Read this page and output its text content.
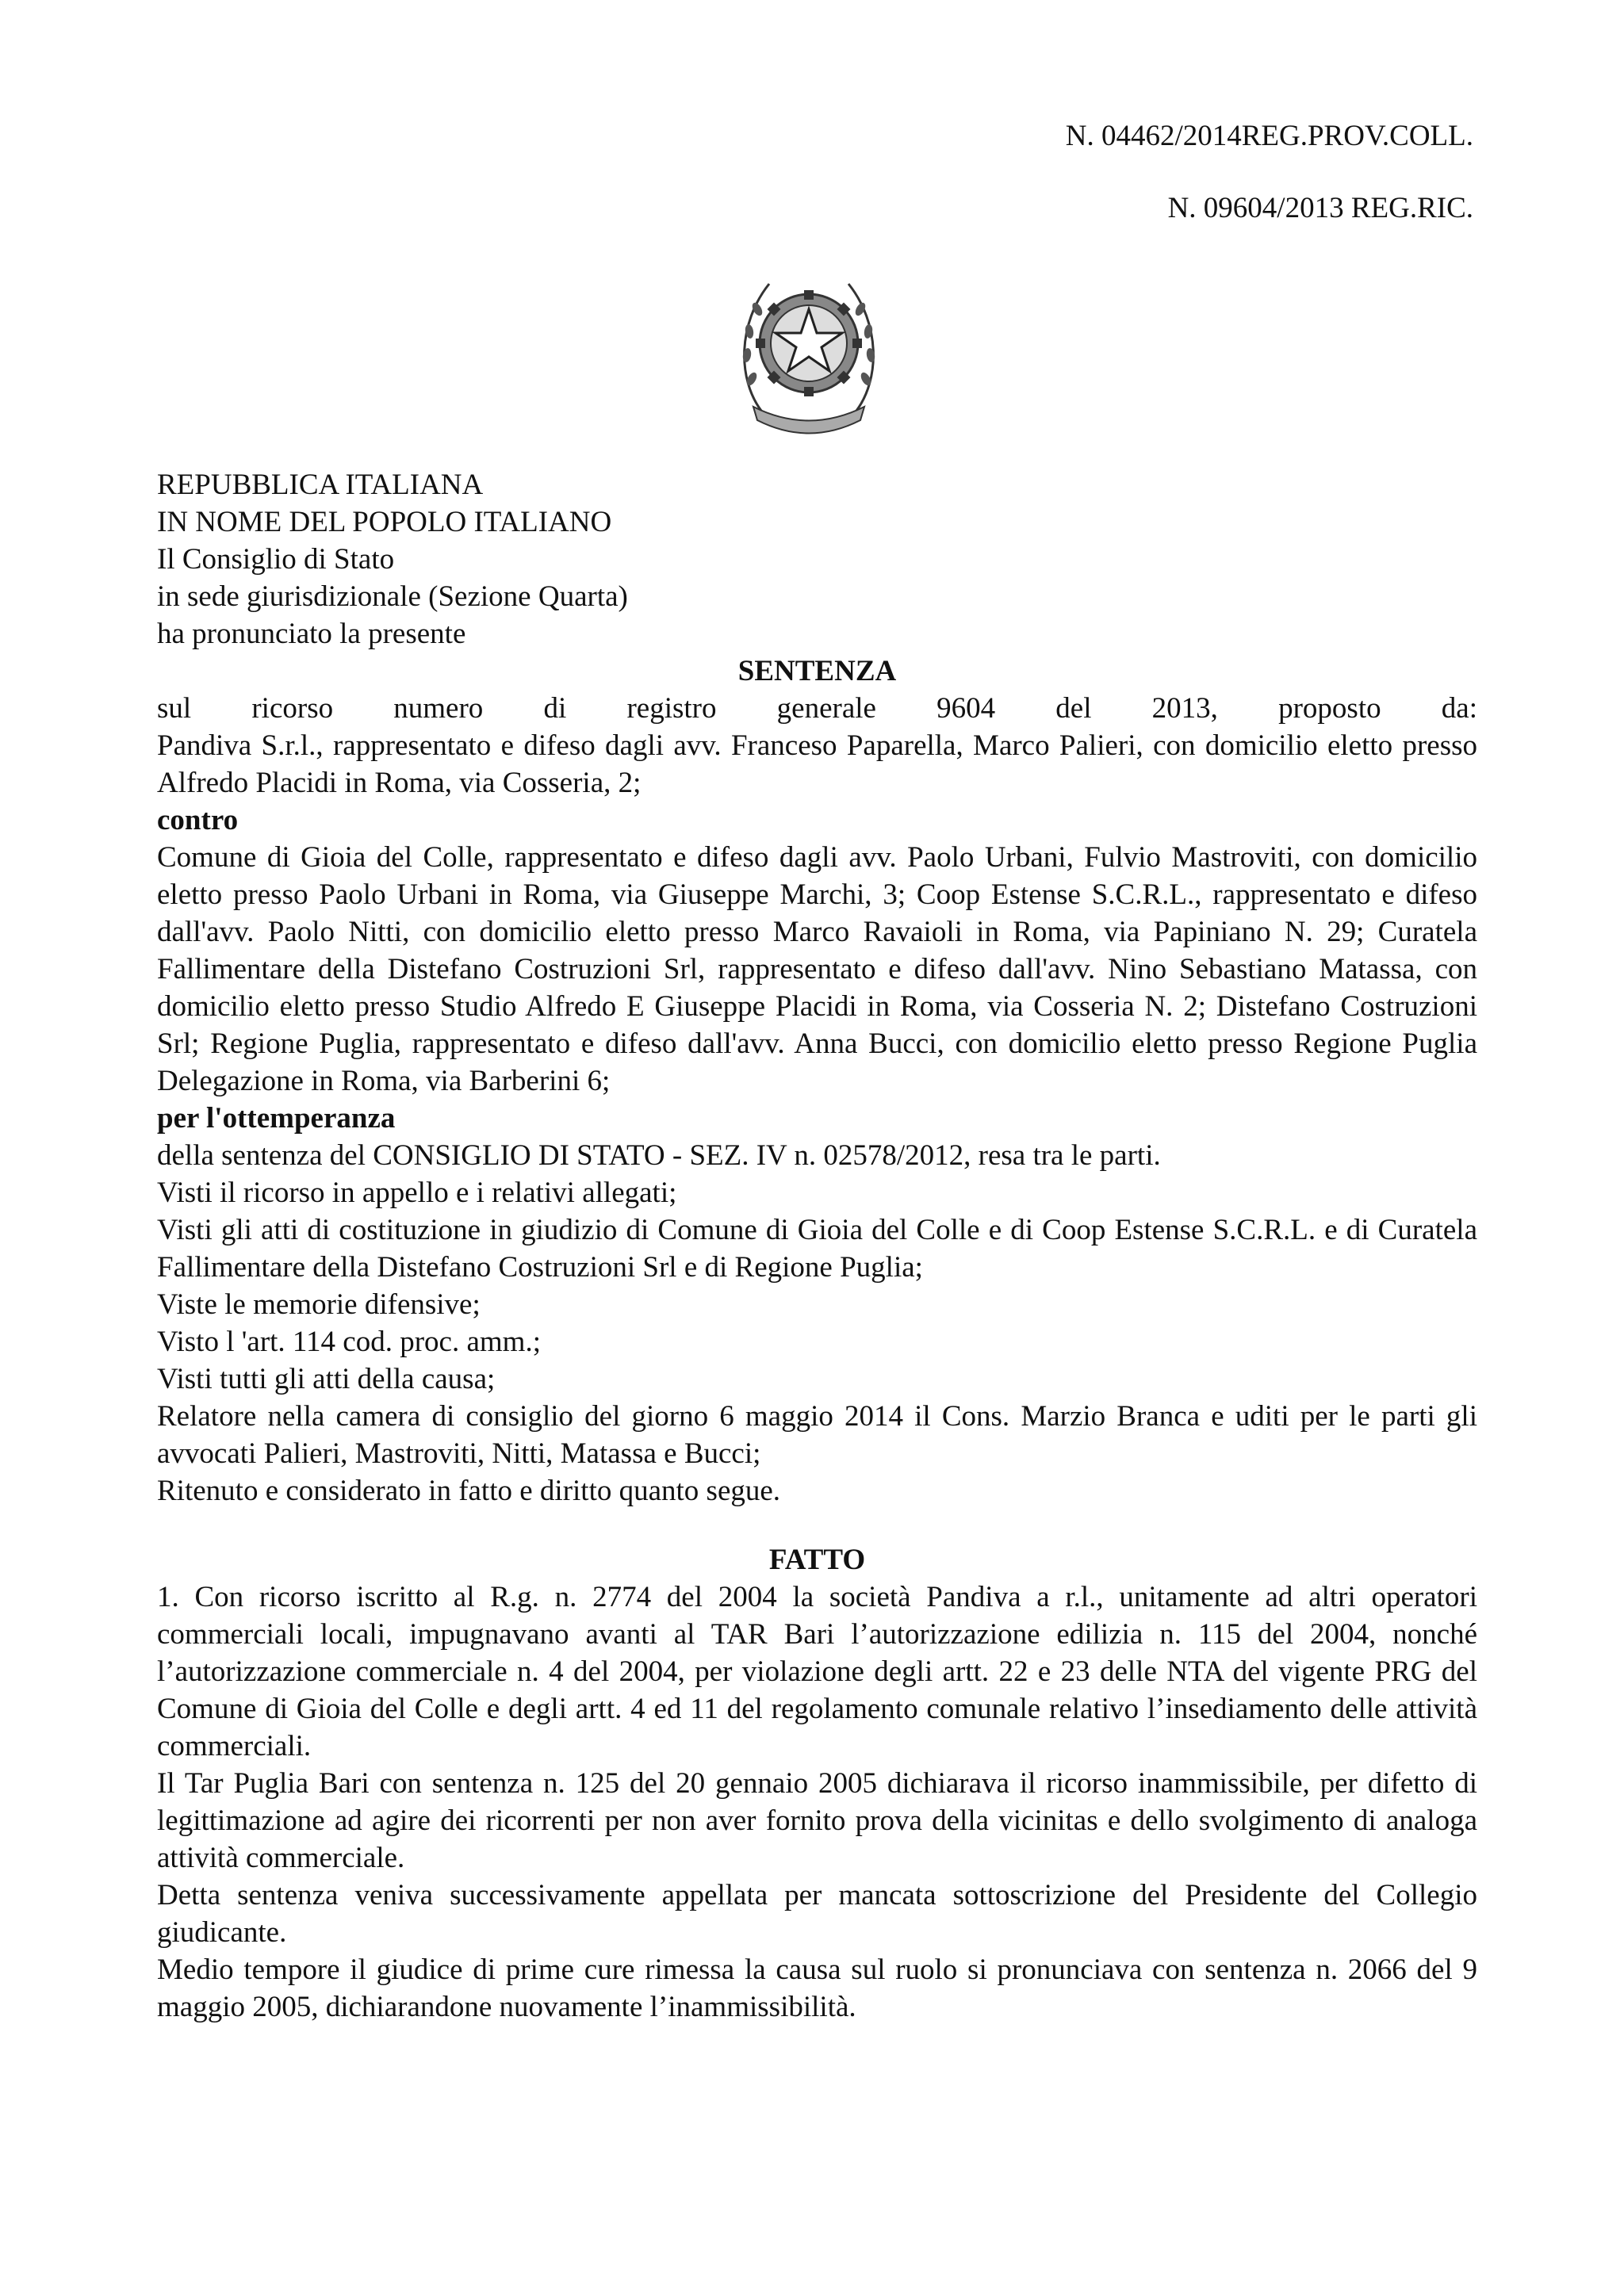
N. 04462/2014REG.PROV.COLL.
N. 09604/2013 REG.RIC.

REPUBBLICA ITALIANA

IN NOME DEL POPOLO ITALIANO

Il Consiglio di Stato

in sede giurisdizionale (Sezione Quarta)

ha pronunciato la presente

SENTENZA

sul ricorso numero di registro generale 9604 del 2013, proposto da:

Pandiva S.r.l., rappresentato e difeso dagli avv. Franceso Paparella, Marco Palieri, con domicilio eletto presso Alfredo Placidi in Roma, via Cosseria, 2;

contro

Comune di Gioia del Colle, rappresentato e difeso dagli avv. Paolo Urbani, Fulvio Mastroviti, con domicilio eletto presso Paolo Urbani in Roma, via Giuseppe Marchi, 3; Coop Estense S.C.R.L., rappresentato e difeso dall'avv. Paolo Nitti, con domicilio eletto presso Marco Ravaioli in Roma, via Papiniano N. 29; Curatela Fallimentare della Distefano Costruzioni Srl, rappresentato e difeso dall'avv. Nino Sebastiano Matassa, con domicilio eletto presso Studio Alfredo E Giuseppe Placidi in Roma, via Cosseria N. 2; Distefano Costruzioni Srl; Regione Puglia, rappresentato e difeso dall'avv. Anna Bucci, con domicilio eletto presso Regione Puglia Delegazione in Roma, via Barberini 6;

per l'ottemperanza

della sentenza del CONSIGLIO DI STATO - SEZ. IV n. 02578/2012, resa tra le parti.

Visti il ricorso in appello e i relativi allegati;

Visti gli atti di costituzione in giudizio di Comune di Gioia del Colle e di Coop Estense S.C.R.L. e di Curatela Fallimentare della Distefano Costruzioni Srl e di Regione Puglia;

Viste le memorie difensive;

Visto l 'art. 114 cod. proc. amm.;

Visti tutti gli atti della causa;

Relatore nella camera di consiglio del giorno 6 maggio 2014 il Cons. Marzio Branca e uditi per le parti gli avvocati Palieri, Mastroviti, Nitti, Matassa e Bucci;

Ritenuto e considerato in fatto e diritto quanto segue.

FATTO

1. Con ricorso iscritto al R.g. n. 2774 del 2004 la società Pandiva a r.l., unitamente ad altri operatori commerciali locali, impugnavano avanti al TAR Bari l’autorizzazione edilizia n. 115 del 2004, nonché l’autorizzazione commerciale n. 4 del 2004, per violazione degli artt. 22 e 23 delle NTA del vigente PRG del Comune di Gioia del Colle e degli artt. 4 ed 11 del regolamento comunale relativo l’insediamento delle attività commerciali.

Il Tar Puglia Bari con sentenza n. 125 del 20 gennaio 2005 dichiarava il ricorso inammissibile, per difetto di legittimazione ad agire dei ricorrenti per non aver fornito prova della vicinitas e dello svolgimento di analoga attività commerciale.

Detta sentenza veniva successivamente appellata per mancata sottoscrizione del Presidente del Collegio giudicante.

Medio tempore il giudice di prime cure rimessa la causa sul ruolo si pronunciava con sentenza n. 2066 del 9 maggio 2005, dichiarandone nuovamente l’inammissibilità.
